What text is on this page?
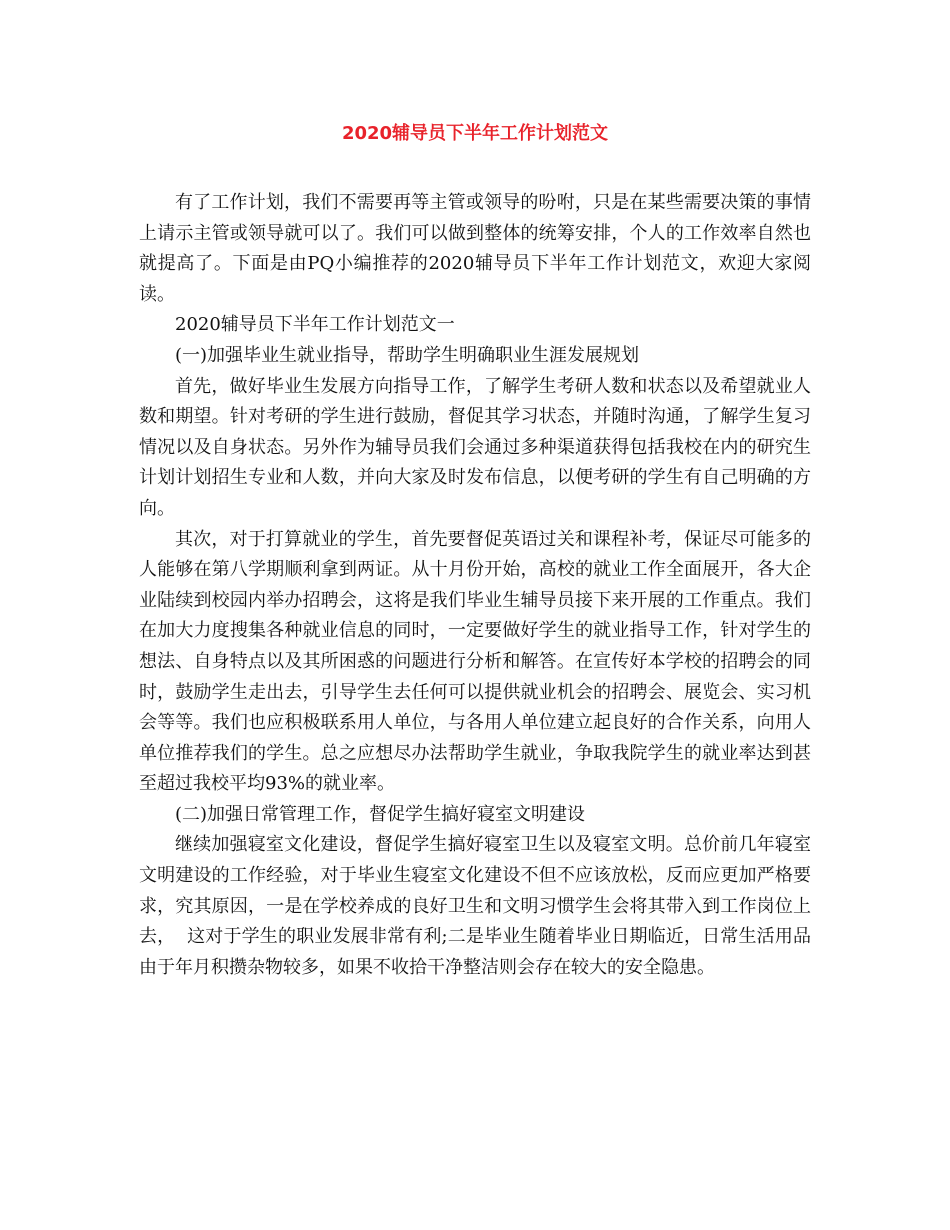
2020辅导员下半年工作计划范文

有了工作计划，我们不需要再等主管或领导的吩咐，只是在某些需要决策的事情上请示主管或领导就可以了。我们可以做到整体的统筹安排，个人的工作效率自然也就提高了。下面是由PQ小编推荐的2020辅导员下半年工作计划范文，欢迎大家阅读。

2020辅导员下半年工作计划范文一

(一)加强毕业生就业指导，帮助学生明确职业生涯发展规划

首先，做好毕业生发展方向指导工作，了解学生考研人数和状态以及希望就业人数和期望。针对考研的学生进行鼓励，督促其学习状态，并随时沟通，了解学生复习情况以及自身状态。另外作为辅导员我们会通过多种渠道获得包括我校在内的研究生计划计划招生专业和人数，并向大家及时发布信息，以便考研的学生有自己明确的方向。

其次，对于打算就业的学生，首先要督促英语过关和课程补考，保证尽可能多的人能够在第八学期顺利拿到两证。从十月份开始，高校的就业工作全面展开，各大企业陆续到校园内举办招聘会，这将是我们毕业生辅导员接下来开展的工作重点。我们在加大力度搜集各种就业信息的同时，一定要做好学生的就业指导工作，针对学生的想法、自身特点以及其所困惑的问题进行分析和解答。在宣传好本学校的招聘会的同时，鼓励学生走出去，引导学生去任何可以提供就业机会的招聘会、展览会、实习机会等等。我们也应积极联系用人单位，与各用人单位建立起良好的合作关系，向用人单位推荐我们的学生。总之应想尽办法帮助学生就业，争取我院学生的就业率达到甚至超过我校平均93%的就业率。

(二)加强日常管理工作，督促学生搞好寝室文明建设

继续加强寝室文化建设，督促学生搞好寝室卫生以及寝室文明。总价前几年寝室文明建设的工作经验，对于毕业生寝室文化建设不但不应该放松，反而应更加严格要求，究其原因，一是在学校养成的良好卫生和文明习惯学生会将其带入到工作岗位上去，  这对于学生的职业发展非常有利;二是毕业生随着毕业日期临近，日常生活用品由于年月积攒杂物较多，如果不收拾干净整洁则会存在较大的安全隐患。
